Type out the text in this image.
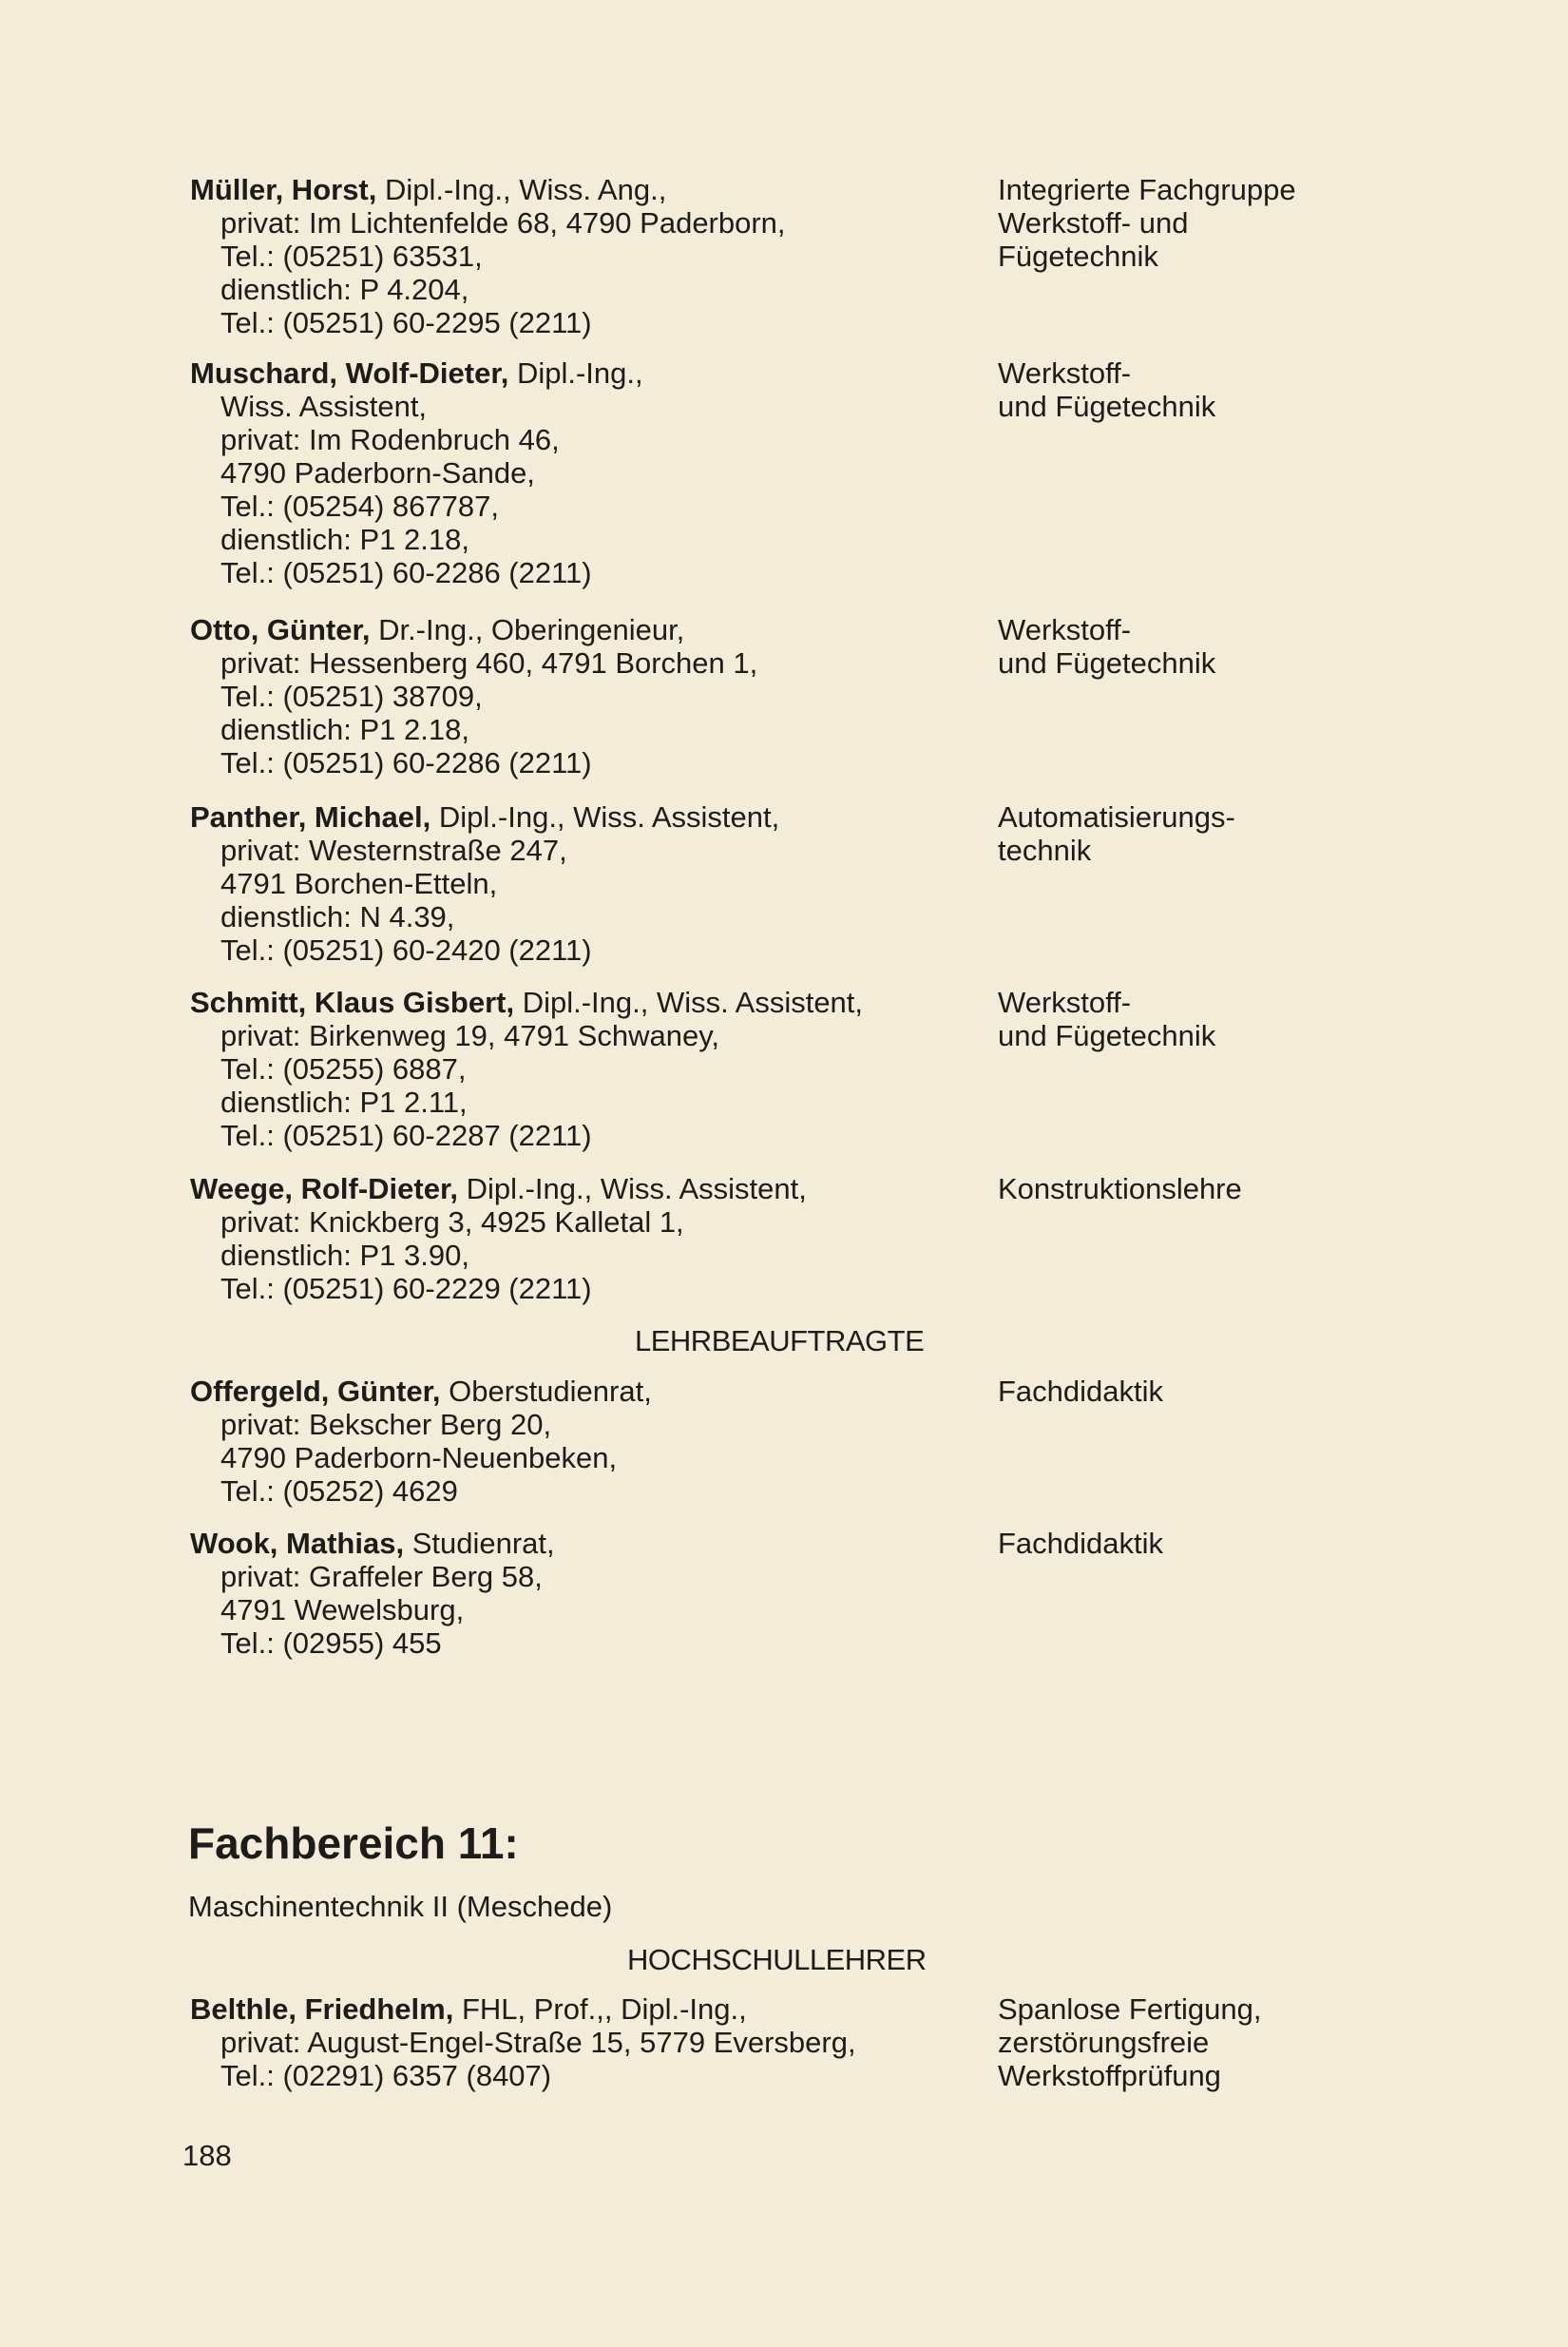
Müller, Horst, Dipl.-Ing., Wiss. Ang.,
privat: Im Lichtenfelde 68, 4790 Paderborn,
Tel.: (05251) 63531,
dienstlich: P 4.204,
Tel.: (05251) 60-2295 (2211)
Integrierte Fachgruppe
Werkstoff- und
Fügetechnik
Muschard, Wolf-Dieter, Dipl.-Ing.,
Wiss. Assistent,
privat: Im Rodenbruch 46,
4790 Paderborn-Sande,
Tel.: (05254) 867787,
dienstlich: P1 2.18,
Tel.: (05251) 60-2286 (2211)
Werkstoff-
und Fügetechnik
Otto, Günter, Dr.-Ing., Oberingenieur,
privat: Hessenberg 460, 4791 Borchen 1,
Tel.: (05251) 38709,
dienstlich: P1 2.18,
Tel.: (05251) 60-2286 (2211)
Werkstoff-
und Fügetechnik
Panther, Michael, Dipl.-Ing., Wiss. Assistent,
privat: Westernstraße 247,
4791 Borchen-Etteln,
dienstlich: N 4.39,
Tel.: (05251) 60-2420 (2211)
Automatisierungs-
technik
Schmitt, Klaus Gisbert, Dipl.-Ing., Wiss. Assistent,
privat: Birkenweg 19, 4791 Schwaney,
Tel.: (05255) 6887,
dienstlich: P1 2.11,
Tel.: (05251) 60-2287 (2211)
Werkstoff-
und Fügetechnik
Weege, Rolf-Dieter, Dipl.-Ing., Wiss. Assistent,
privat: Knickberg 3, 4925 Kalletal 1,
dienstlich: P1 3.90,
Tel.: (05251) 60-2229 (2211)
Konstruktionslehre
LEHRBEAUFTRAGTE
Offergeld, Günter, Oberstudienrat,
privat: Bekscher Berg 20,
4790 Paderborn-Neuenbeken,
Tel.: (05252) 4629
Fachdidaktik
Wook, Mathias, Studienrat,
privat: Graffeler Berg 58,
4791 Wewelsburg,
Tel.: (02955) 455
Fachdidaktik
Fachbereich 11:
Maschinentechnik II (Meschede)
HOCHSCHULLEHRER
Belthle, Friedhelm, FHL, Prof.,, Dipl.-Ing.,
privat: August-Engel-Straße 15, 5779 Eversberg,
Tel.: (02291) 6357 (8407)
Spanlose Fertigung,
zerstörungsfreie
Werkstoffprüfung
188
